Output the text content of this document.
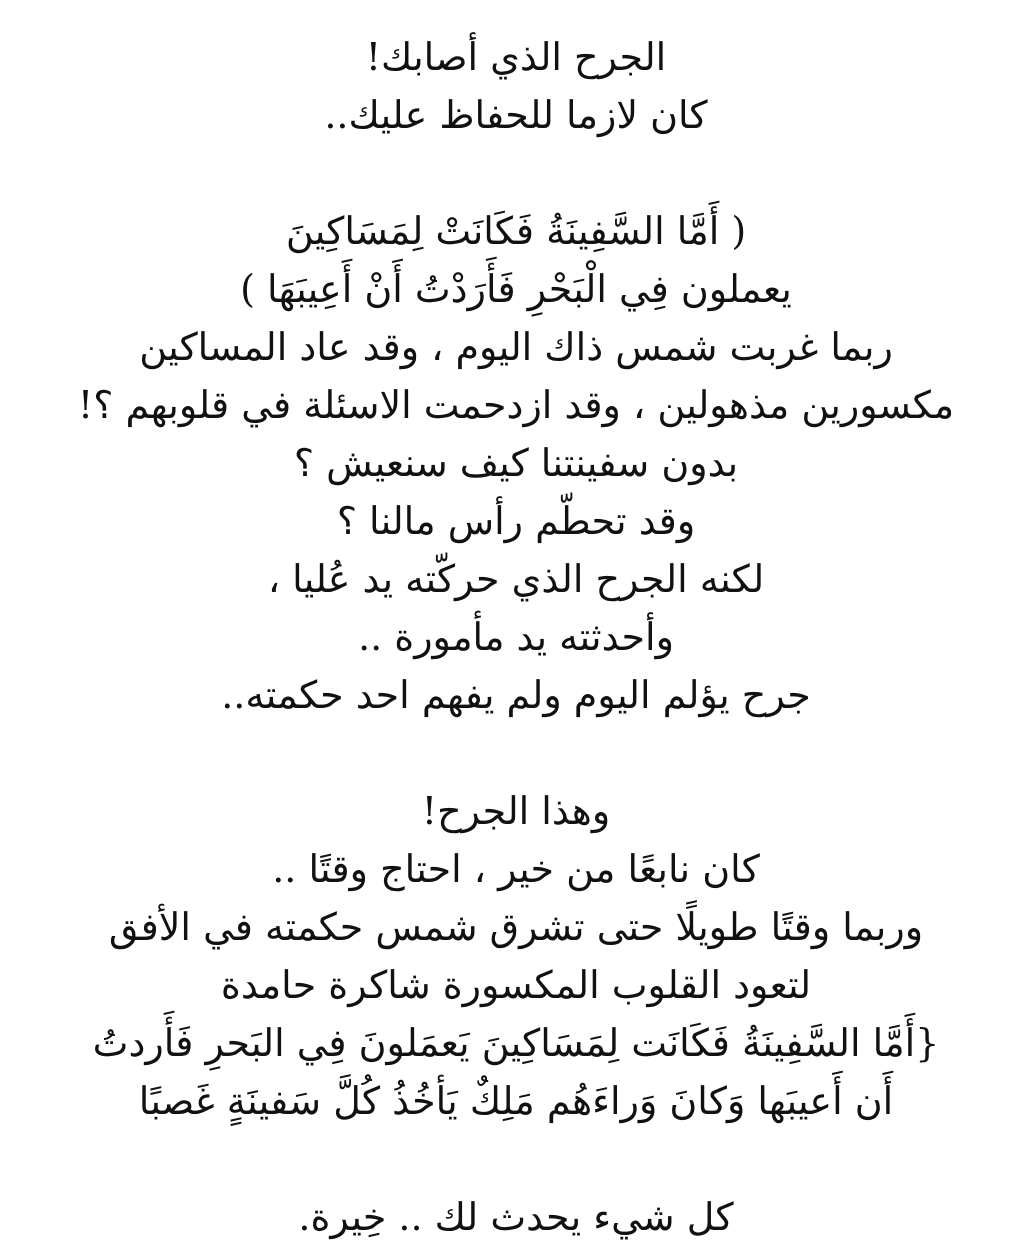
الجرح الذي أصابك!
كان لازما للحفاظ عليك..
( أَمَّا السَّفِينَةُ فَكَانَتْ لِمَسَاكِينَ
يعملون فِي الْبَحْرِ فَأَرَدْتُ أَنْ أَعِيبَهَا )
ربما غربت شمس ذاك اليوم ، وقد عاد المساكين
مكسورين مذهولين ، وقد ازدحمت الاسئلة في قلوبهم ؟!
بدون سفينتنا كيف سنعيش ؟
وقد تحطّم رأس مالنا ؟
لكنه الجرح الذي حركّته يد عُليا ،
وأحدثته يد مأمورة ..
جرح يؤلم اليوم ولم يفهم احد حكمته..
وهذا الجرح!
كان نابعًا من خير ، احتاج وقتًا ..
وربما وقتًا طويلًا حتى تشرق شمس حكمته في الأفق
لتعود القلوب المكسورة شاكرة حامدة
{أَمَّا السَّفِينَةُ فَكَانَت لِمَسَاكِينَ يَعمَلونَ فِي البَحرِ فَأَردتُ
أَن أَعيبَها وَكانَ وَراءَهُم مَلِكٌ يَأخُذُ كُلَّ سَفينَةٍ غَصبًا
كل شيء يحدث لك .. خِيرة.
